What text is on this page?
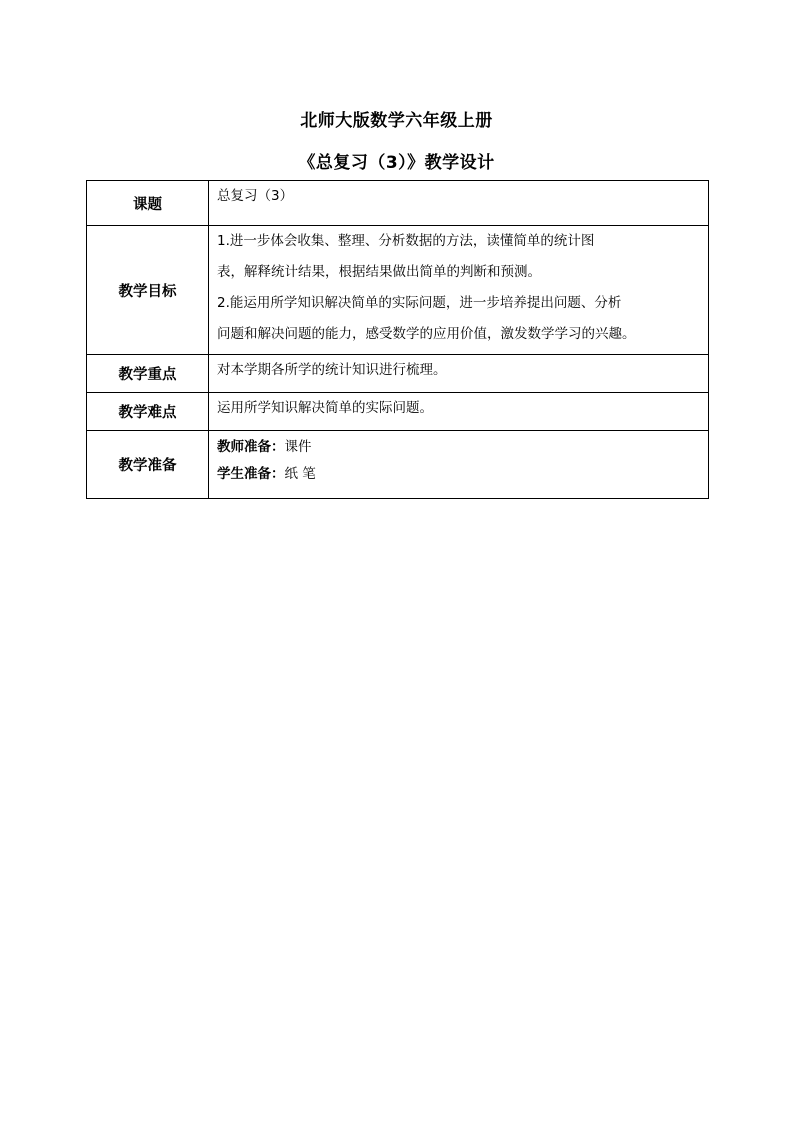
北师大版数学六年级上册
《总复习（3）》教学设计
课题	总复习（3）

教学目标	1.进一步体会收集、整理、分析数据的方法，读懂简单的统计图
表，解释统计结果，根据结果做出简单的判断和预测。
2.能运用所学知识解决简单的实际问题，进一步培养提出问题、分析
问题和解决问题的能力，感受数学的应用价值，激发数学学习的兴趣。

教学重点	对本学期各所学的统计知识进行梳理。

教学难点	运用所学知识解决简单的实际问题。

教学准备	教师准备：课件
学生准备：纸 笔
